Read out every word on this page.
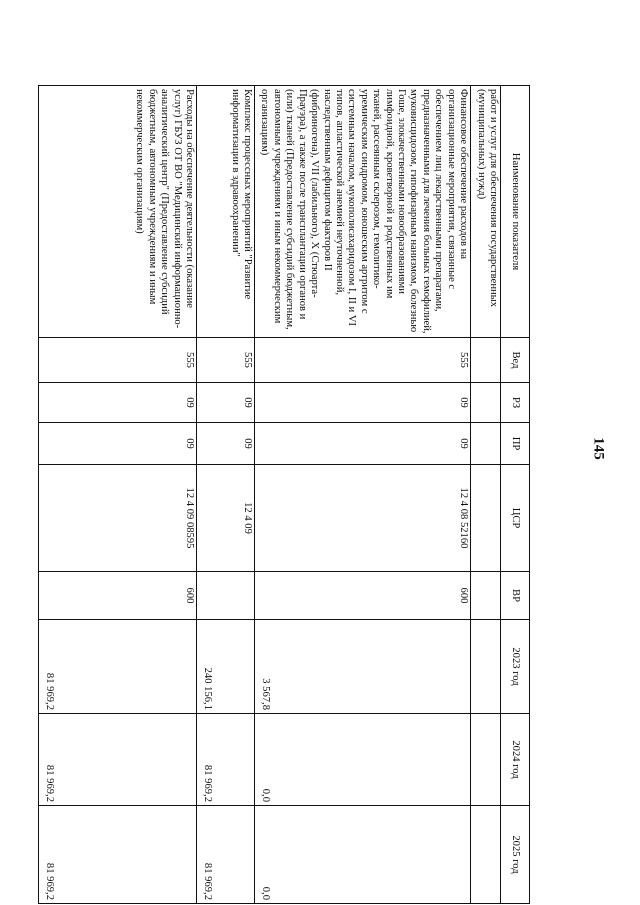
145
Наименование показателя	Вед	РЗ	ПР	ЦСР	ВР	2023 год	2024 год	2025 год
работ и услуг для обеспечения государственных (муниципальных) нужд)								
Финансовое обеспечение расходов на организационные мероприятия, связанные с обеспечением лиц лекарственными препаратами, предназначенными для лечения больных гемофилией, муковисцидозом, гипофизарным нанизмом, болезнью Гоше, злокачественными новообразованиями лимфоидной, кроветворной и родственных им тканей, рассеянным склерозом, гемолитико-уремическим синдромом, юношеским артритом с системным началом, мукополисахаридозом I, II и VI типов, апластической анемией неуточненной, наследственным дефицитом факторов II (фибриногена), VII (лабильного), X (Стюарта-Прауэра), а также после трансплантации органов и (или) тканей (Предоставление субсидий бюджетным, автономным учреждениям и иным некоммерческим организациям)	555	09	09	12 4 08 52160	600	3 567,8	0,0	0,0
Комплекс процессных мероприятий "Развитие информатизации в здравоохранении"	555	09	09	12 4 09		240 156,1	81 969,2	81 969,2
Расходы на обеспечение деятельности (оказание услуг) ГБУЗ ОТ ВО "Медицинский информационно-аналитический центр" (Предоставление субсидий бюджетным, автономным учреждениям и иным некоммерческим организациям)	555	09	09	12 4 09 08595	600	81 969,2	81 969,2	81 969,2
